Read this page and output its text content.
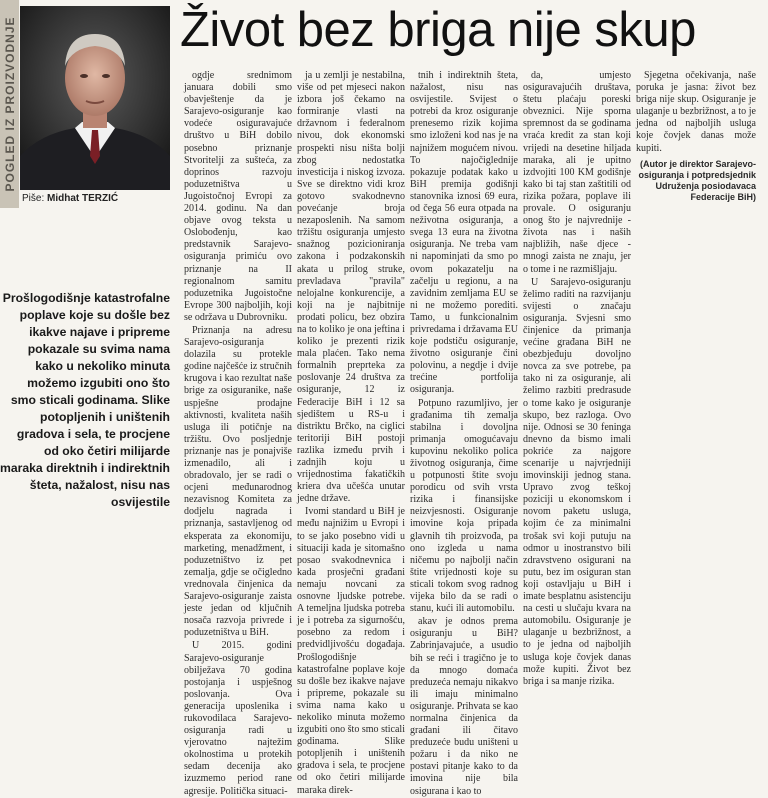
POGLED IZ PROIZVODNJE
Piše: Midhat TERZIĆ
Život bez briga nije skup

Prošlogodišnje katastrofalne poplave koje su došle bez ikakve najave i pripreme pokazale su svima nama kako u nekoliko minuta možemo izgubiti ono što smo sticali godinama. Slike potopljenih i uništenih gradova i sela, te procjene od oko četiri milijarde maraka direktnih i indirektnih šteta, nažalost, nisu nas osvijestile

ogdje srednimom januara dobili smo obavještenje da je Sarajevo-osiguranje kao vodeće osiguravajuće društvo u BiH dobilo posebno priznanje Stvoritelji za sušteća, za doprinos razvoju poduzetništva u Jugoistočnoj Evropi za 2014. godinu. Na dan objave ovog teksta u Oslobođenju, kao predstavnik Sarajevo-osiguranja primiću ovo priznanje na II regionalnom samitu poduzetnika Jugoistočne Evrope 300 najboljih, koji se održava u Dubrovniku.

Priznanja na adresu Sarajevo-osiguranja dolazila su protekle godine najčešće iz stručnih krugova i kao rezultat naše brige za osiguranike, naše uspješne prodajne aktivnosti, kvaliteta naših usluga ili potičnje na tržištu. Ovo posljednje priznanje nas je ponajviše izmenadilo, ali i obradovalo, jer se radi o ocjeni međunarodnog nezavisnog Komiteta za dodjelu nagrada i priznanja, sastavljenog od eksperata za ekonomiju, marketing, menadžment, i poduzetništvo iz pet zemalja, gdje se očigledno vrednovala činjenica da Sarajevo-osiguranje zaista jeste jedan od ključnih nosača razvoja privrede i poduzetništva u BiH.

U 2015. godini Sarajevo-osiguranje obilježava 70 godina postojanja i uspješnog poslovanja. Ova generacija uposlenika i rukovodilaca Sarajevo-osiguranja radi u vjerovatno najtežim okolnostima u protekih sedam decenija ako izuzmemo period rane agresije. Politička situaci-

ja u zemlji je nestabilna, više od pet mjeseci nakon izbora još čekamo na formiranje vlasti na državnom i federalnom nivou, dok ekonomski prospekti nisu ništa bolji zbog nedostatka investicija i niskog izvoza. Sve se direktno vidi kroz gotovo svakodnevno povećanje broja nezaposlenih. Na samom tržištu osiguranja umjesto snažnog pozicioniranja zakona i podzakonskih akata u prilog struke, prevladava "pravila" nelojalne konkurencije, a koji na je najbitnije prodati policu, bez obzira na to koliko je ona jeftina i koliko je prezenti rizik mala plaćen. Tako nema formalnih preprteka za poslovanje 24 društva za osiguranje, 12 iz Federacije BiH i 12 sa sjedištem u RS-u i distriktu Brčko, na ciglici teritoriji BiH postoji razlika između prvih i zadnjih koju u vrijednostima fakatičkih kriera dva učešća unutar jedne države.

Ivomi standard u BiH je među najnižim u Evropi i to se jako posebno vidi u situaciji kada je sitomašno posao svakodnevnica i kada prosječni građani nemaju novcani za osnovne ljudske potrebe. A temeljna ljudska potreba je i potreba za sigurnošću, posebno za redom i predvidljivošću događaja. Prošlogodišnje katastrofalne poplave koje su došle bez ikakve najave i pripreme, pokazale su svima nama kako u nekoliko minuta možemo izgubiti ono što smo sticali godinama. Slike potopljenih i uništenih gradova i sela, te procjene od oko četiri milijarde maraka direk-

tnih i indirektnih šteta, nažalost, nisu nas osvijestile. Svijest o potrebi da kroz osiguranje prenesemo rizik kojima smo izloženi kod nas je na najnižem mogućem nivou. To najočiglednije pokazuje podatak kako u BiH premija godišnji stanovnika iznosi 69 eura, od čega 56 eura otpada na neživotna osiguranja, a svega 13 eura na životna osiguranja. Ne treba vam ni napominjati da smo po ovom pokazatelju na začelju u regionu, a na zavidnim zemljama EU se ni ne možemo porediti. Tamo, u funkcionalnim privredama i državama EU koje podstiču osiguranje, životno osiguranje čini polovinu, a negdje i dvije trećine portfolija osiguranja.

Potpuno razumljivo, jer građanima tih zemalja stabilna i dovoljna primanja omogućavaju kupovinu nekoliko polica životnog osiguranja, čime u potpunosti štite svoju porodicu od svih vrsta rizika i finansijske neizvjesnosti. Osiguranje imovine koja pripada glavnih tih proizvođa, pa ono izgleda u nama ničemu po najbolji način štite vrijednosti koje su sticali tokom svog radnog vijeka bilo da se radi o stanu, kući ili automobilu.

akav je odnos prema osiguranju u BiH? Zabrinjavajuće, a usudio bih se reći i tragično je to da mnogo domaća preduzeća nemaju nikakvo ili imaju minimalno osiguranje. Prihvata se kao normalna činjenica da građani ili čitavo preduzeće budu uništeni u požaru i da niko ne postavi pitanje kako to da imovina nije bila osigurana i kao to

da, umjesto osiguravajućih društava, štetu plaćaju poreski obveznici. Nije sporna spremnost da se godinama vraća kredit za stan koji vrijedi na desetine hiljada maraka, ali je upitno izdvojiti 100 KM godišnje kako bi taj stan zaštitili od rizika požara, poplave ili provale. O osiguranju onog što je najvrednije - života nas i naših najbližih, naše djece - mnogi zaista ne znaju, jer o tome i ne razmišljaju.

U Sarajevo-osiguranju želimo raditi na razvijanju svijesti o značaju osiguranja. Svjesni smo činjenice da primanja većine građana BiH ne obezbjeđuju dovoljno novca za sve potrebe, pa tako ni za osiguranje, ali želimo razbiti predrasude o tome kako je osiguranje skupo, bez razloga. Ovo nije. Odnosi se 30 feninga dnevno da bismo imali pokriće za najgore scenarije u najvrjedniji imovinskiji jednog stana. Upravo zvog teškoj poziciji u ekonomskom i novom paketu usluga, kojim će za minimalni trošak svi koji putuju na odmor u inostranstvo bili zdravstveno osigurani na putu, bez im osiguran stan koji ostavljaju u BiH i imate besplatnu asistenciju na cesti u slučaju kvara na automobilu. Osiguranje je ulaganje u bezbrižnost, a to je jedna od najboljih usluga koje čovjek danas može kupiti. Život bez briga i sa manje rizika.

Sjegetna očekivanja, naše poruka je jasna: život bez briga nije skup. Osiguranje je ulaganje u bezbrižnost, a to je jedna od najboljih usluga koje čovjek danas može kupiti.

(Autor je direktor Sarajevo-osiguranja i potpredsjednik Udruženja posiodavaca Federacije BiH)
